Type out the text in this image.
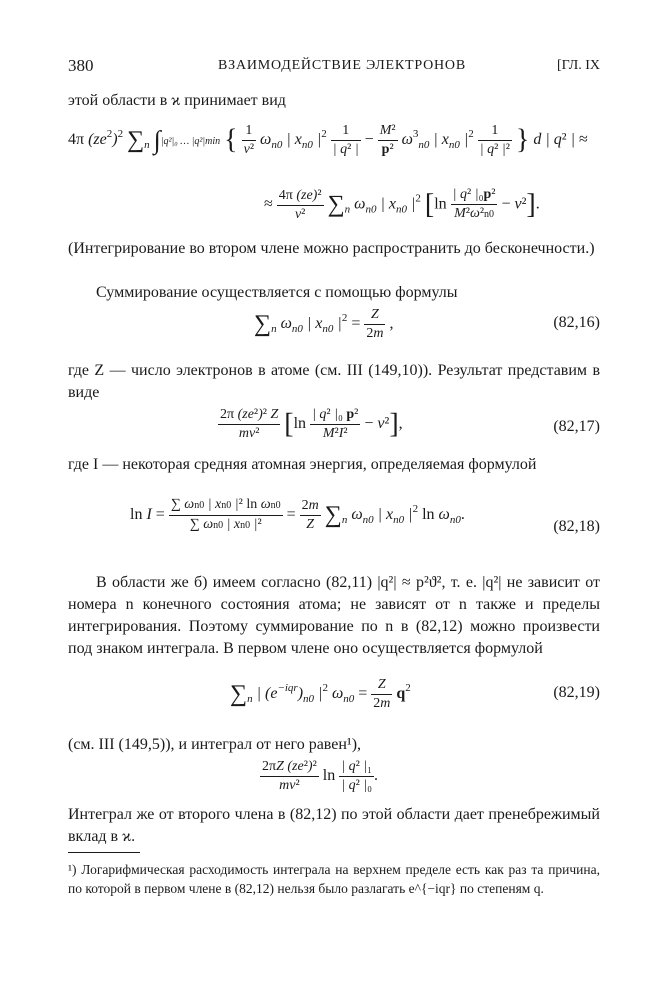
380	ВЗАИМОДЕЙСТВИЕ ЭЛЕКТРОНОВ	[ГЛ. IX
этой области в ϰ принимает вид
4π $(ze^2)^2$ $\sum_n$ ∫|q²|₀ … |q²|min { $\frac{1}{\text{v²}} \omega_{n0}$ | $x_{n0}$ $|^2 \frac{1}{\text{| q² |}} - \frac{\text{M²}}{\text{p²}} \omega^3_{n0}$ | $x_{n0}$ $|^2 \frac{1}{\text{| q² |²}}$ } d | q² | ≈
≈ $\frac{\text{4π (ze)²}}{\text{v²}} \sum_n$ $\omega_{n0}$ | $x_{n0}$ $|^2$ $[\ln \frac{\text{| q² |₀p²}}{\text{M²ω²n0}} - v^2]$.
(Интегрирование во втором члене можно распространить до бесконечности.)
Суммирование осуществляется с помощью формулы
$\sum_n$ $\omega_{n0}$ | $x_{n0}$ $|^2 = \frac{Z}{2m}$ ,	(82,16)
где Z — число электронов в атоме (см. III (149,10)). Результат представим в виде
$\frac{\text{2π (ze²)² Z}}{\text{mv²}} [\ln \frac{\text{| q² |₀ p²}}{\text{M²I²}} - v^2]$,	(82,17)
где I — некоторая средняя атомная энергия, определяемая формулой
$\ln I = \frac{\text{∑ ωn0 | xn0 |² ln ωn0}}{\text{∑ ωn0 | xn0 |²}} = \frac{2m}{Z} \sum_n$ $\omega_{n0}$ | $x_{n0}$ $|^2$ $\ln \omega_{n0}$.
(82,18)
В области же б) имеем согласно (82,11) |q²| ≈ p²ϑ², т. е. |q²| не зависит от номера n конечного состояния атома; не зависят от n также и пределы интегрирования. Поэтому суммирование по n в (82,12) можно произвести под знаком интеграла. В первом члене оно осуществляется формулой
$\sum_n$ | $(e^{-iqr})_{n0}$ $|^2$ $\omega_{n0} = \frac{Z}{2m} q^2$	(82,19)
(см. III (149,5)), и интеграл от него равен¹),
$\frac{\text{2πZ (ze²)²}}{\text{mv²}}$ $\ln \frac{\text{| q² |₁}}{\text{| q² |₀}}$ .
Интеграл же от второго члена в (82,12) по этой области дает пренебрежимый вклад в ϰ.
¹) Логарифмическая расходимость интеграла на верхнем пределе есть как раз та причина, по которой в первом члене в (82,12) нельзя было разлагать e^{−iqr} по степеням q.
